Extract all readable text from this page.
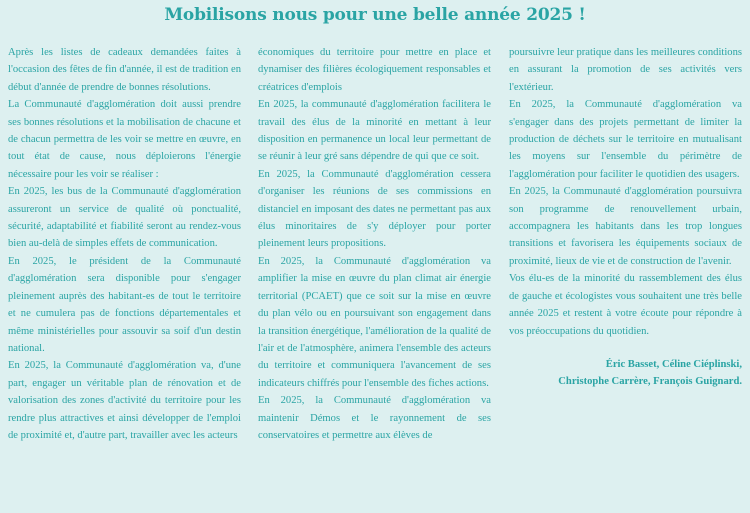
Mobilisons nous pour une belle année 2025 !

Après les listes de cadeaux demandées faites à l'occasion des fêtes de fin d'année, il est de tradition en début d'année de prendre de bonnes résolutions.

La Communauté d'agglomération doit aussi prendre ses bonnes résolutions et la mobilisation de chacune et de chacun permettra de les voir se mettre en œuvre, en tout état de cause, nous déploierons l'énergie nécessaire pour les voir se réaliser :

En 2025, les bus de la Communauté d'agglomération assureront un service de qualité où ponctualité, sécurité, adaptabilité et fiabilité seront au rendez-vous bien au-delà de simples effets de communication.

En 2025, le président de la Communauté d'agglomération sera disponible pour s'engager pleinement auprès des habitant-es de tout le territoire et ne cumulera pas de fonctions départementales et même ministérielles pour assouvir sa soif d'un destin national.

En 2025, la Communauté d'agglomération va, d'une part, engager un véritable plan de rénovation et de valorisation des zones d'activité du territoire pour les rendre plus attractives et ainsi développer de l'emploi de proximité et, d'autre part, travailler avec les acteurs

économiques du territoire pour mettre en place et dynamiser des filières écologiquement responsables et créatrices d'emplois

En 2025, la communauté d'agglomération facilitera le travail des élus de la minorité en mettant à leur disposition en permanence un local leur permettant de se réunir à leur gré sans dépendre de qui que ce soit.

En 2025, la Communauté d'agglomération cessera d'organiser les réunions de ses commissions en distanciel en imposant des dates ne permettant pas aux élus minoritaires de s'y déployer pour porter pleinement leurs propositions.

En 2025, la Communauté d'agglomération va amplifier la mise en œuvre du plan climat air énergie territorial (PCAET) que ce soit sur la mise en œuvre du plan vélo ou en poursuivant son engagement dans la transition énergétique, l'amélioration de la qualité de l'air et de l'atmosphère, animera l'ensemble des acteurs du territoire et communiquera l'avancement de ses indicateurs chiffrés pour l'ensemble des fiches actions.

En 2025, la Communauté d'agglomération va maintenir Démos et le rayonnement de ses conservatoires et permettre aux élèves de

poursuivre leur pratique dans les meilleures conditions en assurant la promotion de ses activités vers l'extérieur.

En 2025, la Communauté d'agglomération va s'engager dans des projets permettant de limiter la production de déchets sur le territoire en mutualisant les moyens sur l'ensemble du périmètre de l'agglomération pour faciliter le quotidien des usagers.

En 2025, la Communauté d'agglomération poursuivra son programme de renouvellement urbain, accompagnera les habitants dans les trop longues transitions et favorisera les équipements sociaux de proximité, lieux de vie et de construction de l'avenir.

Vos élu-es de la minorité du rassemblement des élus de gauche et écologistes vous souhaitent une très belle année 2025 et restent à votre écoute pour répondre à vos préoccupations du quotidien.

Éric Basset, Céline Ciéplinski,
Christophe Carrère, François Guignard.
